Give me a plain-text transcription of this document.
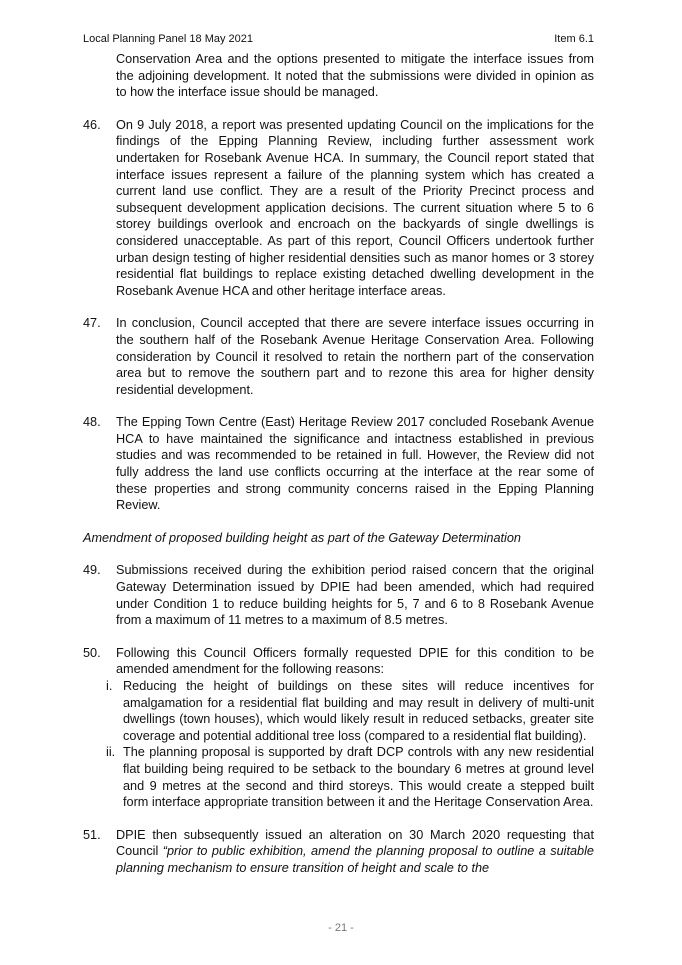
Local Planning Panel 18 May 2021	Item 6.1
Conservation Area and the options presented to mitigate the interface issues from the adjoining development. It noted that the submissions were divided in opinion as to how the interface issue should be managed.
46.	On 9 July 2018, a report was presented updating Council on the implications for the findings of the Epping Planning Review, including further assessment work undertaken for Rosebank Avenue HCA. In summary, the Council report stated that interface issues represent a failure of the planning system which has created a current land use conflict. They are a result of the Priority Precinct process and subsequent development application decisions. The current situation where 5 to 6 storey buildings overlook and encroach on the backyards of single dwellings is considered unacceptable. As part of this report, Council Officers undertook further urban design testing of higher residential densities such as manor homes or 3 storey residential flat buildings to replace existing detached dwelling development in the Rosebank Avenue HCA and other heritage interface areas.
47.	In conclusion, Council accepted that there are severe interface issues occurring in the southern half of the Rosebank Avenue Heritage Conservation Area. Following consideration by Council it resolved to retain the northern part of the conservation area but to remove the southern part and to rezone this area for higher density residential development.
48.	The Epping Town Centre (East) Heritage Review 2017 concluded Rosebank Avenue HCA to have maintained the significance and intactness established in previous studies and was recommended to be retained in full. However, the Review did not fully address the land use conflicts occurring at the interface at the rear some of these properties and strong community concerns raised in the Epping Planning Review.
Amendment of proposed building height as part of the Gateway Determination
49.	Submissions received during the exhibition period raised concern that the original Gateway Determination issued by DPIE had been amended, which had required under Condition 1 to reduce building heights for 5, 7 and 6 to 8 Rosebank Avenue from a maximum of 11 metres to a maximum of 8.5 metres.
50.	Following this Council Officers formally requested DPIE for this condition to be amended amendment for the following reasons:
i. Reducing the height of buildings on these sites will reduce incentives for amalgamation for a residential flat building and may result in delivery of multi-unit dwellings (town houses), which would likely result in reduced setbacks, greater site coverage and potential additional tree loss (compared to a residential flat building).
ii. The planning proposal is supported by draft DCP controls with any new residential flat building being required to be setback to the boundary 6 metres at ground level and 9 metres at the second and third storeys. This would create a stepped built form interface appropriate transition between it and the Heritage Conservation Area.
51.	DPIE then subsequently issued an alteration on 30 March 2020 requesting that Council “prior to public exhibition, amend the planning proposal to outline a suitable planning mechanism to ensure transition of height and scale to the
- 21 -
